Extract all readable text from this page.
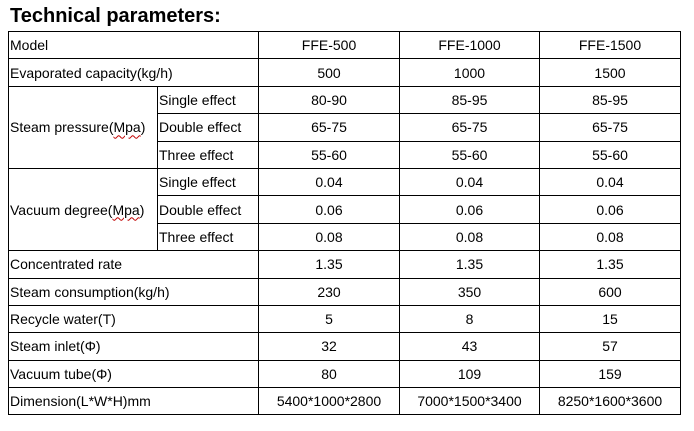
Technical parameters:
Model		FFE-500	FFE-1000	FFE-1500
Evaporated capacity(kg/h)		500	1000	1500
Steam pressure(Mpa)	Single effect	80-90	85-95	85-95
	Double effect	65-75	65-75	65-75
	Three effect	55-60	55-60	55-60
Vacuum degree(Mpa)	Single effect	0.04	0.04	0.04
	Double effect	0.06	0.06	0.06
	Three effect	0.08	0.08	0.08
Concentrated rate		1.35	1.35	1.35
Steam consumption(kg/h)		230	350	600
Recycle water(T)		5	8	15
Steam inlet(Φ)		32	43	57
Vacuum tube(Φ)		80	109	159
Dimension(L*W*H)mm		5400*1000*2800	7000*1500*3400	8250*1600*3600
